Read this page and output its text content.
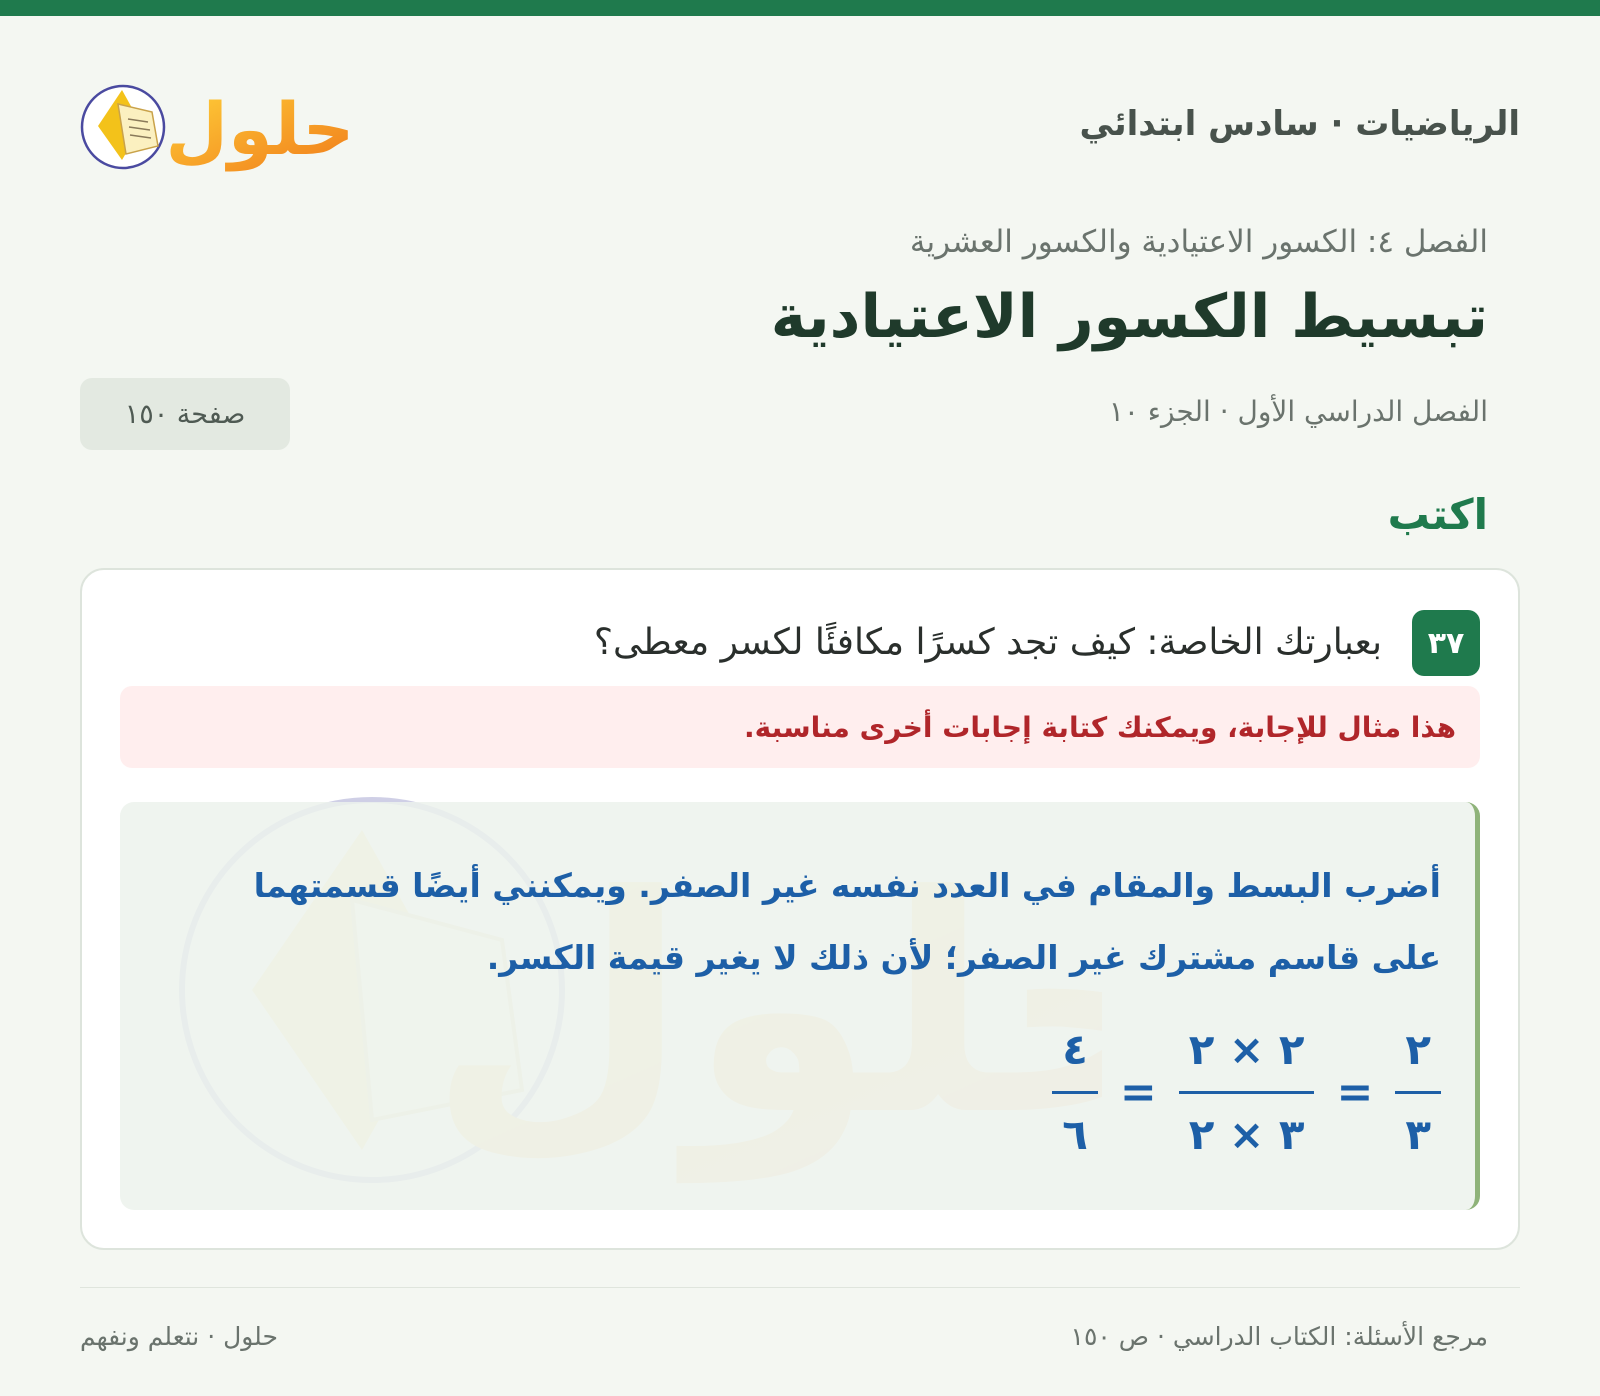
الرياضيات · سادس ابتدائي
حلول
الفصل ٤: الكسور الاعتيادية والكسور العشرية
تبسيط الكسور الاعتيادية
الفصل الدراسي الأول · الجزء ١٠
صفحة ١٥٠
اكتب
٣٧
بعبارتك الخاصة: كيف تجد كسرًا مكافئًا لكسر معطى؟
هذا مثال للإجابة، ويمكنك كتابة إجابات أخرى مناسبة.
أضرب البسط والمقام في العدد نفسه غير الصفر. ويمكنني أيضًا قسمتهما
على قاسم مشترك غير الصفر؛ لأن ذلك لا يغير قيمة الكسر.
$\frac{٢}{٣}$
=
$\frac{٢ \times ٢}{٣ \times ٢}$
=
$\frac{٤}{٦}$
مرجع الأسئلة: الكتاب الدراسي · ص ١٥٠
حلول · نتعلم ونفهم
